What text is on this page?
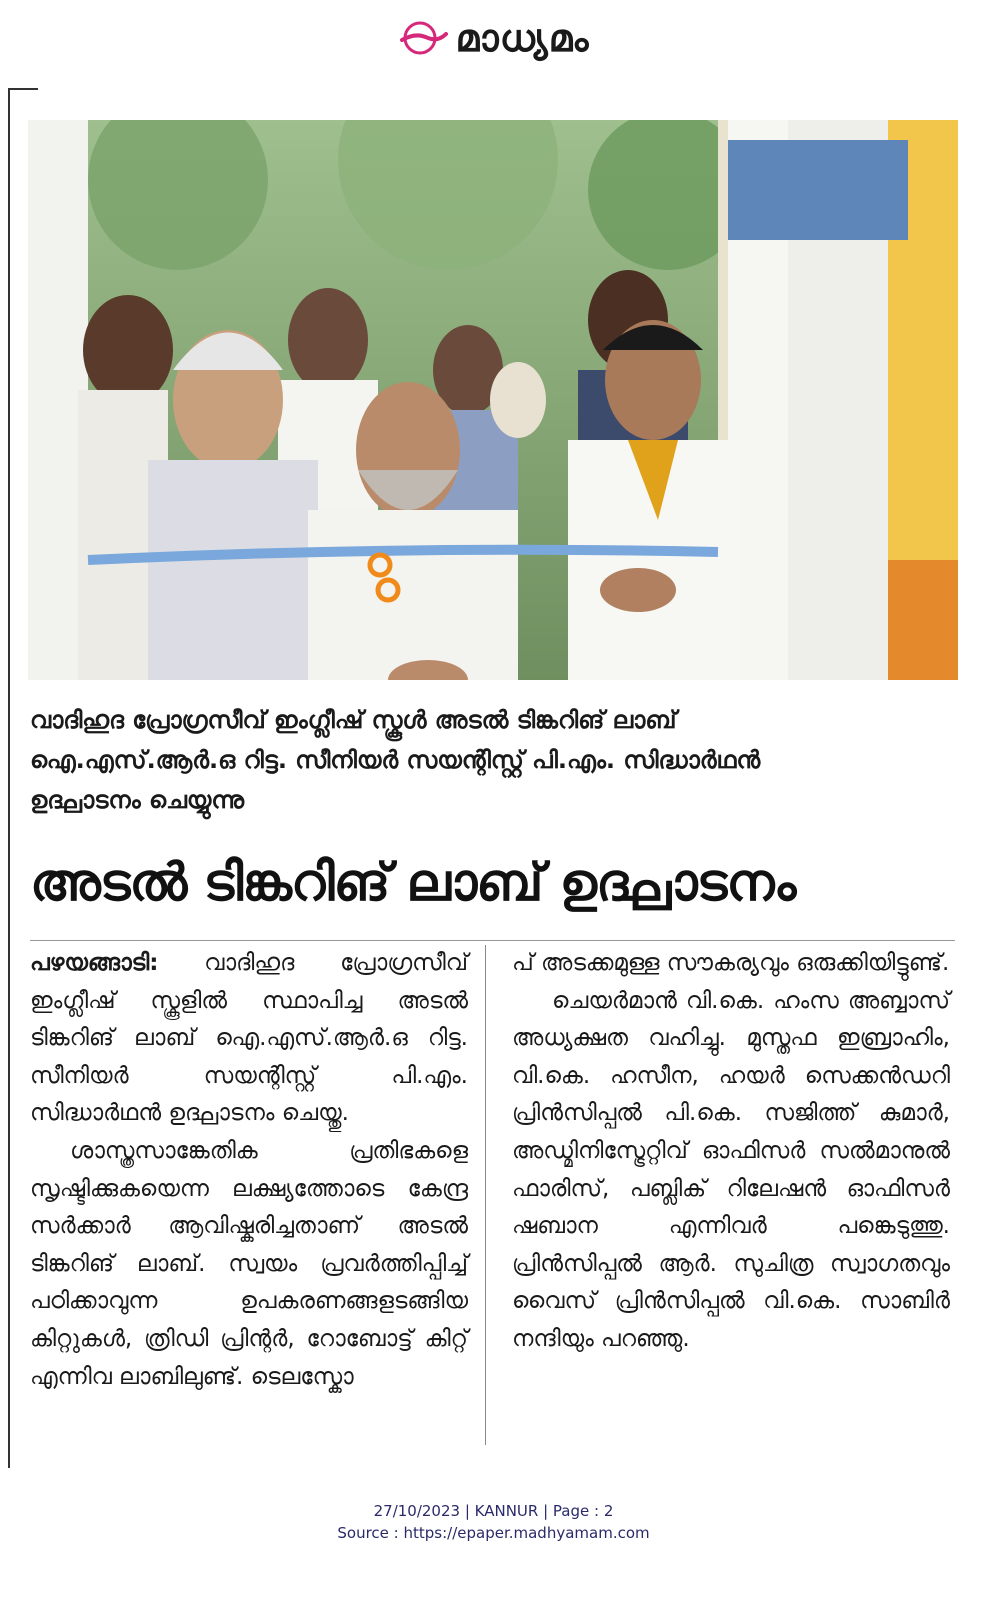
മാധ്യമം
വാദിഹുദ പ്രോഗ്രസീവ് ഇംഗ്ലീഷ് സ്കൂൾ അടൽ ടിങ്കറിങ് ലാബ്
ഐ.എസ്.ആർ.ഒ റിട്ട. സീനിയർ സയന്റിസ്റ്റ് പി.എം. സിദ്ധാർഥൻ
ഉദ്ഘാടനം ചെയ്യുന്നു
അടൽ ടിങ്കറിങ് ലാബ് ഉദ്ഘാടനം

പഴയങ്ങാടി: വാദിഹുദ പ്രോഗ്രസീവ് ഇംഗ്ലീഷ് സ്കൂളിൽ സ്ഥാപിച്ച അടൽ ടിങ്കറിങ് ലാബ് ഐ.എസ്.ആർ.ഒ റിട്ട. സീനിയർ സയന്റിസ്റ്റ് പി.എം. സിദ്ധാർഥൻ ഉദ്ഘാടനം ചെയ്തു.

ശാസ്ത്രസാങ്കേതിക പ്രതിഭകളെ സൃഷ്ടിക്കുകയെന്ന ലക്ഷ്യത്തോടെ കേന്ദ്ര സർക്കാർ ആവിഷ്കരിച്ചതാണ് അടൽ ടിങ്കറിങ് ലാബ്. സ്വയം പ്രവർത്തിപ്പിച്ച് പഠിക്കാവുന്ന ഉപകരണങ്ങളടങ്ങിയ കിറ്റുകൾ, ത്രിഡി പ്രിന്റർ, റോബോട്ട് കിറ്റ് എന്നിവ ലാബിലുണ്ട്. ടെലസ്കോ

പ് അടക്കമുള്ള സൗകര്യവും ഒരുക്കിയിട്ടുണ്ട്.

ചെയർമാൻ വി.കെ. ഹംസ അബ്ബാസ് അധ്യക്ഷത വഹിച്ചു. മുസ്തഫ ഇബ്രാഹിം, വി.കെ. ഹസീന, ഹയർ സെക്കൻഡറി പ്രിൻസിപ്പൽ പി.കെ. സജിത്ത് കുമാർ, അഡ്മിനിസ്ട്രേറ്റിവ് ഓഫിസർ സൽമാനുൽ ഫാരിസ്, പബ്ലിക് റിലേഷൻ ഓഫിസർ ഷബാന എന്നിവർ പങ്കെടുത്തു. പ്രിൻസിപ്പൽ ആർ. സുചിത്ര സ്വാഗതവും വൈസ് പ്രിൻസിപ്പൽ വി.കെ. സാബിർ നന്ദിയും പറഞ്ഞു.

27/10/2023 | KANNUR | Page : 2
Source : https://epaper.madhyamam.com
